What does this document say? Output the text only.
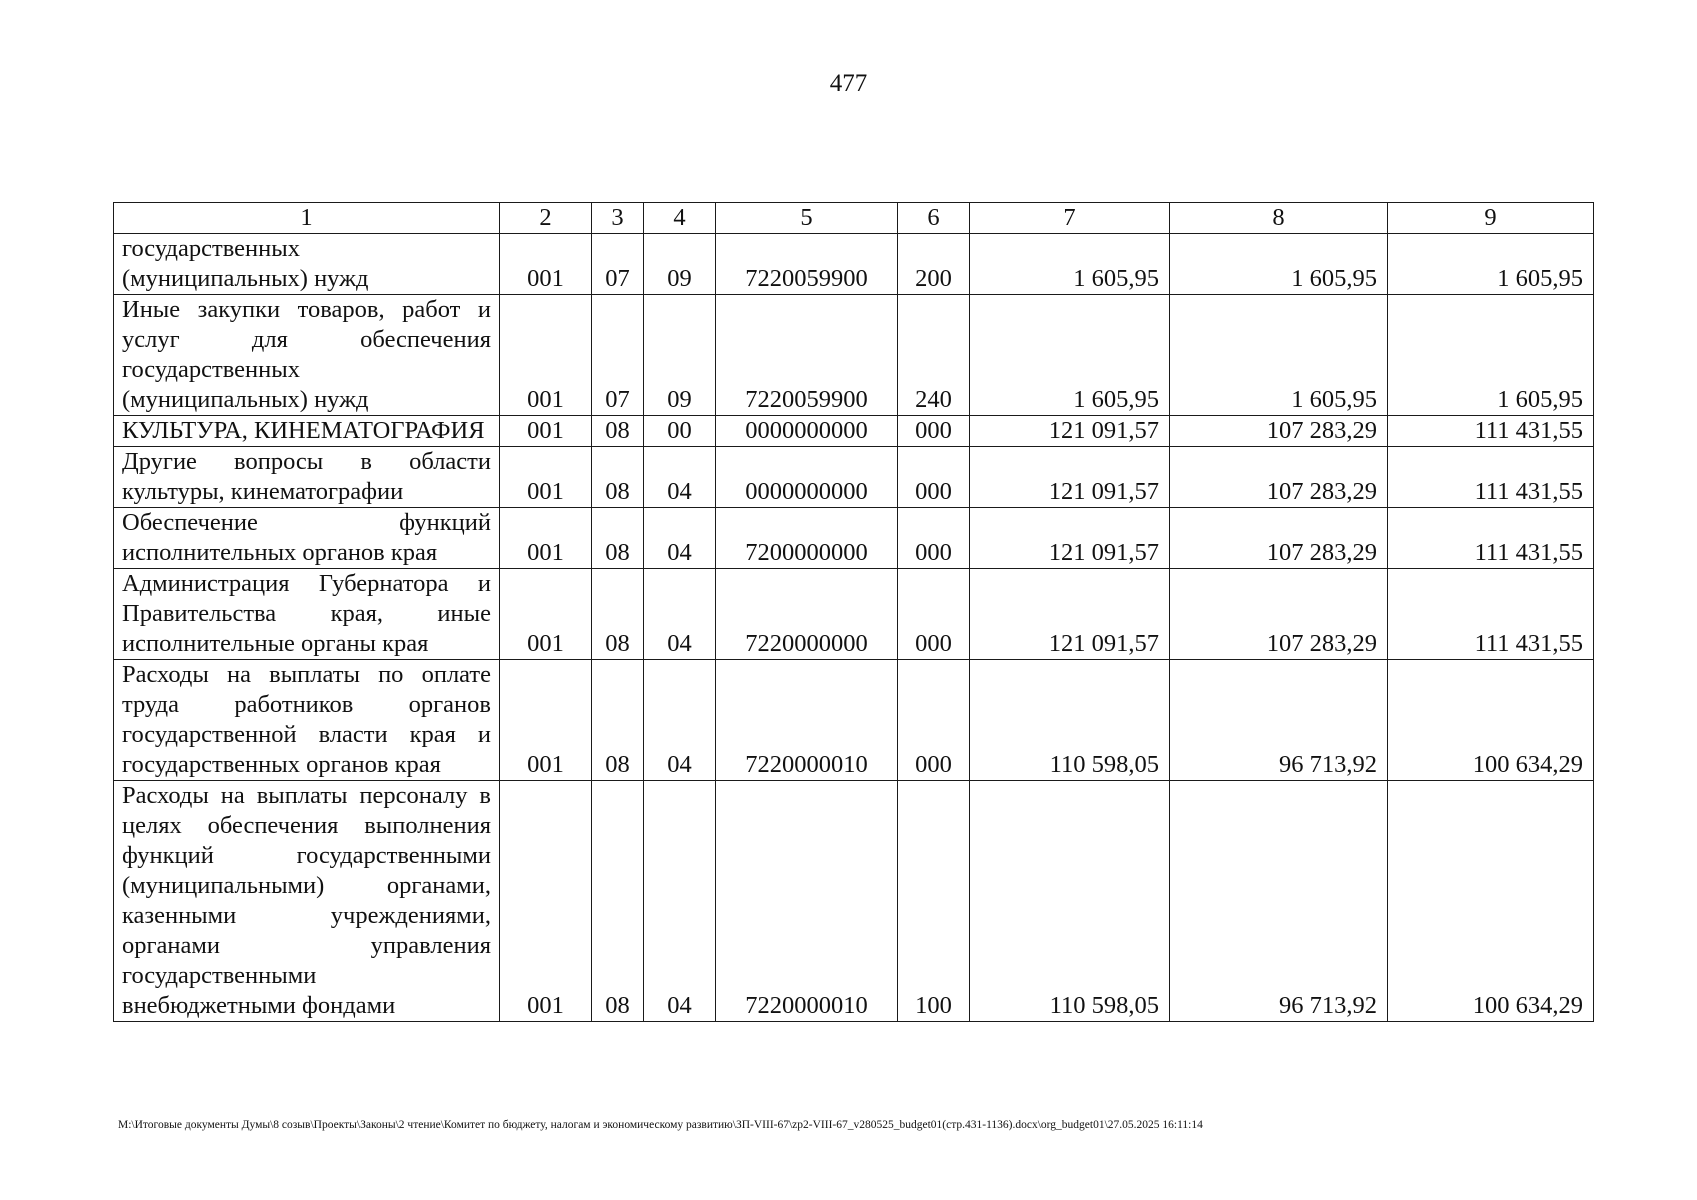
477
1	2	3	4	5	6	7	8	9
государственных (муниципальных) нужд	001	07	09	7220059900	200	1 605,95	1 605,95	1 605,95
Иные закупки товаров, работ и услуг для обеспечения государственных (муниципальных) нужд	001	07	09	7220059900	240	1 605,95	1 605,95	1 605,95
КУЛЬТУРА, КИНЕМАТОГРАФИЯ	001	08	00	0000000000	000	121 091,57	107 283,29	111 431,55
Другие вопросы в области культуры, кинематографии	001	08	04	0000000000	000	121 091,57	107 283,29	111 431,55
Обеспечение функций исполнительных органов края	001	08	04	7200000000	000	121 091,57	107 283,29	111 431,55
Администрация Губернатора и Правительства края, иные исполнительные органы края	001	08	04	7220000000	000	121 091,57	107 283,29	111 431,55
Расходы на выплаты по оплате труда работников органов государственной власти края и государственных органов края	001	08	04	7220000010	000	110 598,05	96 713,92	100 634,29
Расходы на выплаты персоналу в целях обеспечения выполнения функций государственными (муниципальными) органами, казенными учреждениями, органами управления государственными внебюджетными фондами	001	08	04	7220000010	100	110 598,05	96 713,92	100 634,29
M:\Итоговые документы Думы\8 созыв\Проекты\Законы\2 чтение\Комитет по бюджету, налогам и экономическому развитию\ЗП-VIII-67\zp2-VIII-67_v280525_budget01(стр.431-1136).docx\org_budget01\27.05.2025 16:11:14
